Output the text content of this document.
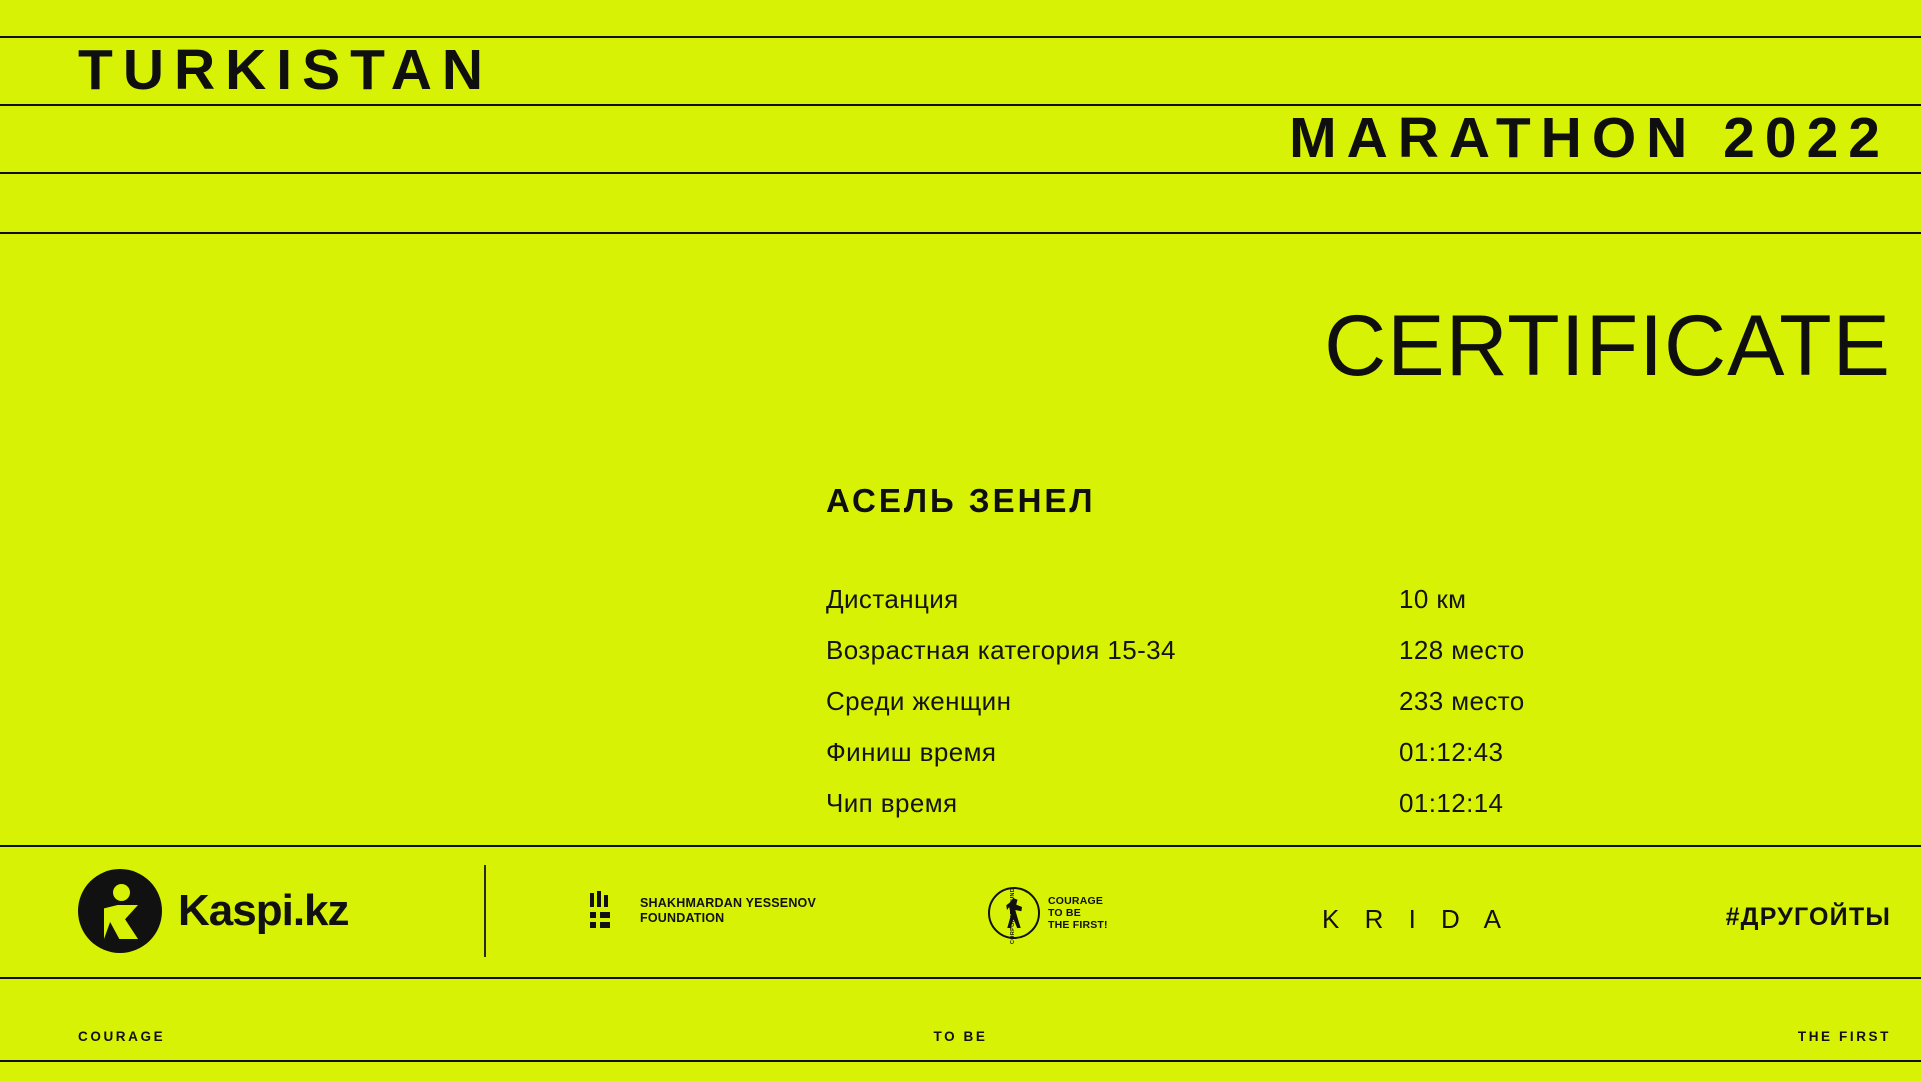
TURKISTAN
MARATHON 2022
CERTIFICATE
АСЕЛЬ ЗЕНЕЛ
Дистанция	10 км
Возрастная категория 15-34	128 место
Среди женщин	233 место
Финиш время	01:12:43
Чип время	01:12:14
Kaspi.kz	SHAKHMARDAN YESSENOV
FOUNDATION	CORPORATE FUND	COURAGE
TO BE
THE FIRST!	K R I D A	#ДРУГОЙТЫ
COURAGE	TO BE	THE FIRST
